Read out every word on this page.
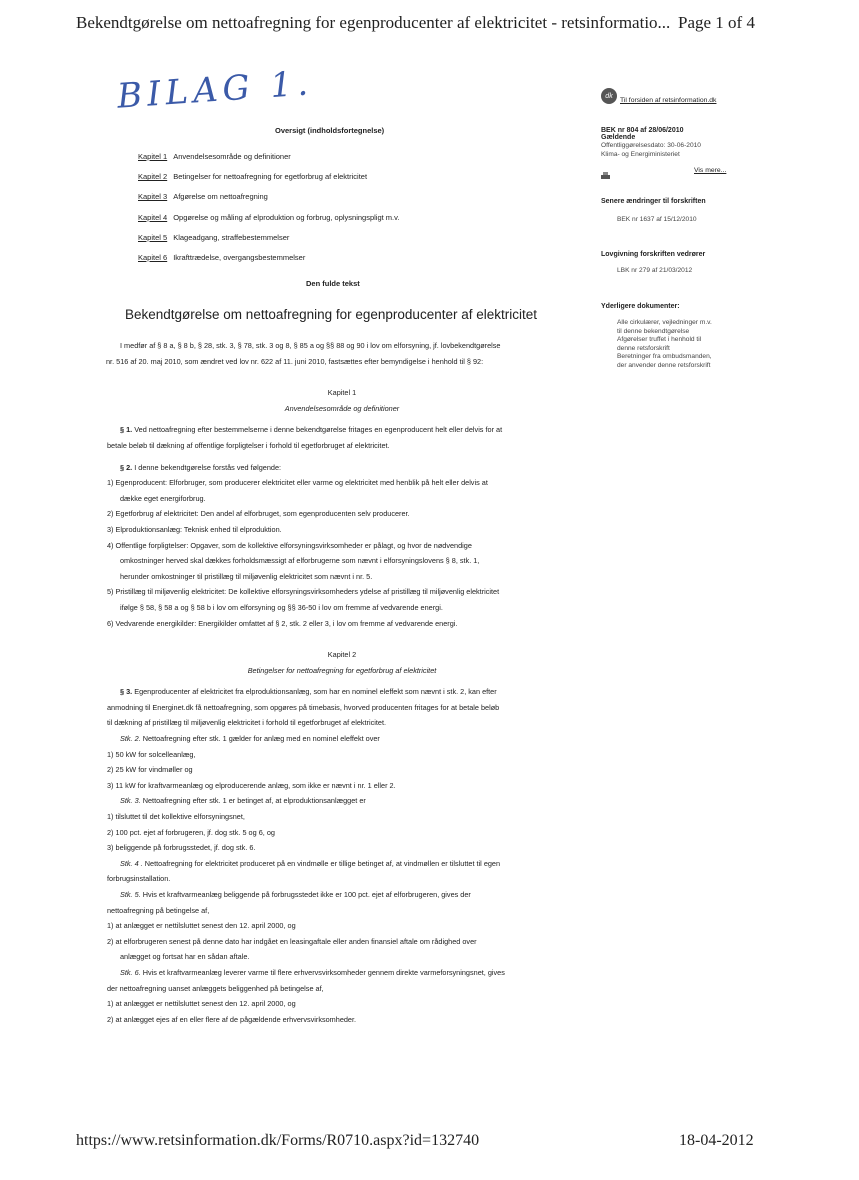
Bekendtgørelse om nettoafregning for egenproducenter af elektricitet - retsinformatio... Page 1 of 4
BILAG 1.	dk
Til forsiden af retsinformation.dk
BEK nr 804 af 28/06/2010
Gældende
Offentliggørelsesdato: 30-06-2010
Klima- og Energiministeriet
Vis mere...
Senere ændringer til forskriften
BEK nr 1637 af 15/12/2010
Lovgivning forskriften vedrører
LBK nr 279 af 21/03/2012
Yderligere dokumenter:
Alle cirkulærer, vejledninger m.v.
til denne bekendtgørelse
Afgørelser truffet i henhold til
denne retsforskrift
Beretninger fra ombudsmanden,
der anvender denne retsforskrift
Oversigt (indholdsfortegnelse)
Kapitel 1 Anvendelsesområde og definitioner
Kapitel 2 Betingelser for nettoafregning for egetforbrug af elektricitet
Kapitel 3 Afgørelse om nettoafregning
Kapitel 4 Opgørelse og måling af elproduktion og forbrug, oplysningspligt m.v.
Kapitel 5 Klageadgang, straffebestemmelser
Kapitel 6 Ikrafttrædelse, overgangsbestemmelser
Den fulde tekst
Bekendtgørelse om nettoafregning for egenproducenter af elektricitet

I medfør af § 8 a, § 8 b, § 28, stk. 3, § 78, stk. 3 og 8, § 85 a og §§ 88 og 90 i lov om elforsyning, jf. lovbekendtgørelse

nr. 516 af 20. maj 2010, som ændret ved lov nr. 622 af 11. juni 2010, fastsættes efter bemyndigelse i henhold til § 92:

Kapitel 1

Anvendelsesområde og definitioner

§ 1. Ved nettoafregning efter bestemmelserne i denne bekendtgørelse fritages en egenproducent helt eller delvis for at

betale beløb til dækning af offentlige forpligtelser i forhold til egetforbruget af elektricitet.

§ 2. I denne bekendtgørelse forstås ved følgende:

1) Egenproducent: Elforbruger, som producerer elektricitet eller varme og elektricitet med henblik på helt eller delvis at

dække eget energiforbrug.

2) Egetforbrug af elektricitet: Den andel af elforbruget, som egenproducenten selv producerer.

3) Elproduktionsanlæg: Teknisk enhed til elproduktion.

4) Offentlige forpligtelser: Opgaver, som de kollektive elforsyningsvirksomheder er pålagt, og hvor de nødvendige

omkostninger herved skal dækkes forholdsmæssigt af elforbrugerne som nævnt i elforsyningslovens § 8, stk. 1,

herunder omkostninger til pristillæg til miljøvenlig elektricitet som nævnt i nr. 5.

5) Pristillæg til miljøvenlig elektricitet: De kollektive elforsyningsvirksomheders ydelse af pristillæg til miljøvenlig elektricitet

ifølge § 58, § 58 a og § 58 b i lov om elforsyning og §§ 36-50 i lov om fremme af vedvarende energi.

6) Vedvarende energikilder: Energikilder omfattet af § 2, stk. 2 eller 3, i lov om fremme af vedvarende energi.

Kapitel 2

Betingelser for nettoafregning for egetforbrug af elektricitet

§ 3. Egenproducenter af elektricitet fra elproduktionsanlæg, som har en nominel eleffekt som nævnt i stk. 2, kan efter

anmodning til Energinet.dk få nettoafregning, som opgøres på timebasis, hvorved producenten fritages for at betale beløb

til dækning af pristillæg til miljøvenlig elektricitet i forhold til egetforbruget af elektricitet.

Stk. 2. Nettoafregning efter stk. 1 gælder for anlæg med en nominel eleffekt over

1) 50 kW for solcelleanlæg,

2) 25 kW for vindmøller og

3) 11 kW for kraftvarmeanlæg og elproducerende anlæg, som ikke er nævnt i nr. 1 eller 2.

Stk. 3. Nettoafregning efter stk. 1 er betinget af, at elproduktionsanlægget er

1) tilsluttet til det kollektive elforsyningsnet,

2) 100 pct. ejet af forbrugeren, jf. dog stk. 5 og 6, og

3) beliggende på forbrugsstedet, jf. dog stk. 6.

Stk. 4 . Nettoafregning for elektricitet produceret på en vindmølle er tillige betinget af, at vindmøllen er tilsluttet til egen

forbrugsinstallation.

Stk. 5. Hvis et kraftvarmeanlæg beliggende på forbrugsstedet ikke er 100 pct. ejet af elforbrugeren, gives der

nettoafregning på betingelse af,

1) at anlægget er nettilsluttet senest den 12. april 2000, og

2) at elforbrugeren senest på denne dato har indgået en leasingaftale eller anden finansiel aftale om rådighed over

anlægget og fortsat har en sådan aftale.

Stk. 6. Hvis et kraftvarmeanlæg leverer varme til flere erhvervsvirksomheder gennem direkte varmeforsyningsnet, gives

der nettoafregning uanset anlæggets beliggenhed på betingelse af,

1) at anlægget er nettilsluttet senest den 12. april 2000, og

2) at anlægget ejes af en eller flere af de pågældende erhvervsvirksomheder.

https://www.retsinformation.dk/Forms/R0710.aspx?id=132740	18-04-2012
